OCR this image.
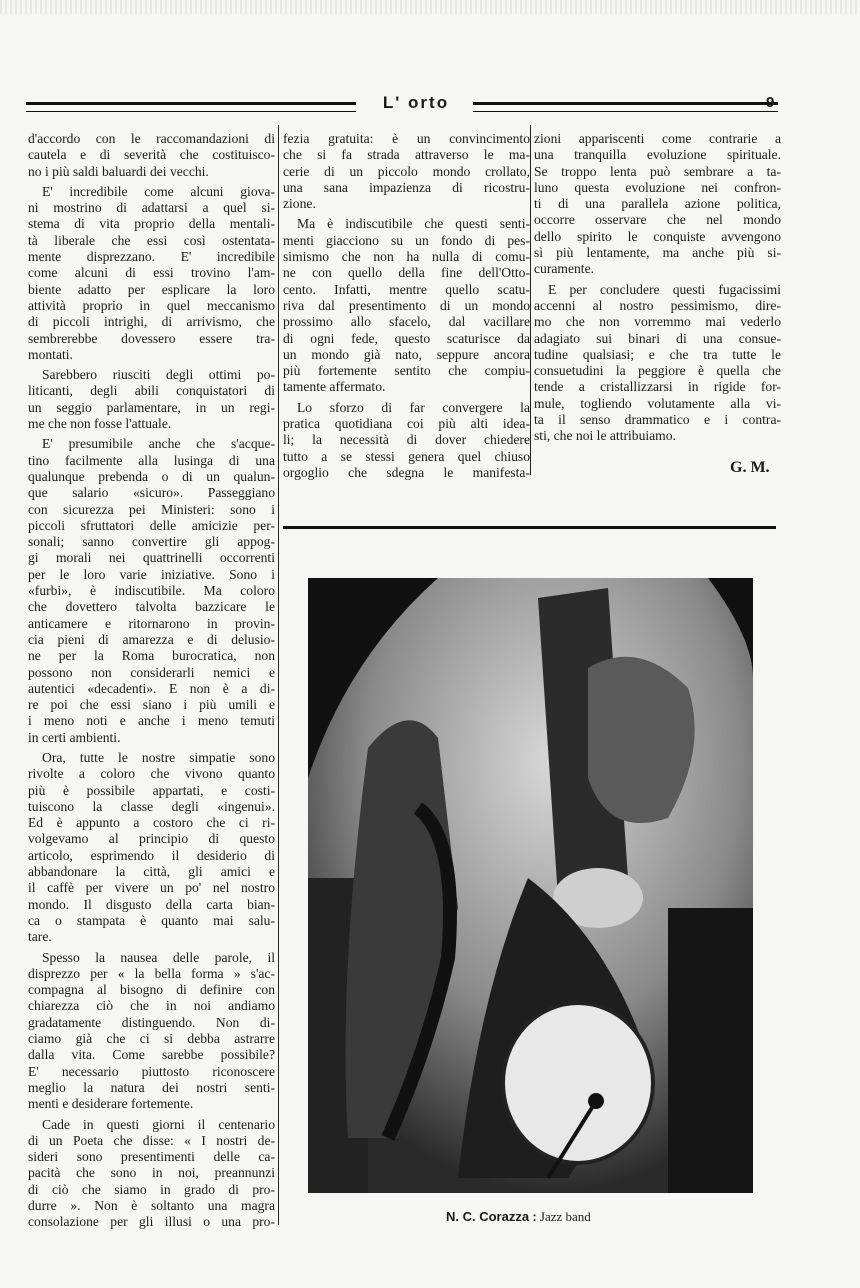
L' orto	9
d'accordo con le raccomandazioni di
cautela e di severità che costituisco-
no i più saldi baluardi dei vecchi.
E' incredibile come alcuni giova-
ni mostrino di adattarsi a quel si-
stema di vita proprio della mentali-
tà liberale che essi così ostentata-
mente disprezzano. E' incredibile
come alcuni di essi trovino l'am-
biente adatto per esplicare la loro
attività proprio in quel meccanismo
di piccoli intrighi, di arrivismo, che
sembrerebbe dovessero essere tra-
montati.
Sarebbero riusciti degli ottimi po-
liticanti, degli abili conquistatori di
un seggio parlamentare, in un regi-
me che non fosse l'attuale.
E' presumibile anche che s'acque-
tino facilmente alla lusinga di una
qualunque prebenda o di un qualun-
que salario «sicuro». Passeggiano
con sicurezza pei Ministeri: sono i
piccoli sfruttatori delle amicizie per-
sonali; sanno convertire gli appog-
gi morali nei quattrinelli occorrenti
per le loro varie iniziative. Sono i
«furbi», è indiscutibile. Ma coloro
che dovettero talvolta bazzicare le
anticamere e ritornarono in provin-
cia pieni di amarezza e di delusio-
ne per la Roma burocratica, non
possono non considerarli nemici e
autentici «decadenti». E non è a di-
re poi che essi siano i più umili e
i meno noti e anche i meno temuti
in certi ambienti.
Ora, tutte le nostre simpatie sono
rivolte a coloro che vivono quanto
più è possibile appartati, e costi-
tuiscono la classe degli «ingenui».
Ed è appunto a costoro che ci ri-
volgevamo al principio di questo
articolo, esprimendo il desiderio di
abbandonare la città, gli amici e
il caffè per vivere un po' nel nostro
mondo. Il disgusto della carta bian-
ca o stampata è quanto mai salu-
tare.
Spesso la nausea delle parole, il
disprezzo per « la bella forma » s'ac-
compagna al bisogno di definire con
chiarezza ciò che in noi andiamo
gradatamente distinguendo. Non di-
ciamo già che ci si debba astrarre
dalla vita. Come sarebbe possibile?
E' necessario piuttosto riconoscere
meglio la natura dei nostri senti-
menti e desiderare fortemente.
Cade in questi giorni il centenario
di un Poeta che disse: « I nostri de-
sideri sono presentimenti delle ca-
pacità che sono in noi, preannunzi
di ciò che siamo in grado di pro-
durre ». Non è soltanto una magra
consolazione per gli illusi o una pro-
fezia gratuita: è un convincimento
che si fa strada attraverso le ma-
cerie di un piccolo mondo crollato,
una sana impazienza di ricostru-
zione.
Ma è indiscutibile che questi senti-
menti giacciono su un fondo di pes-
simismo che non ha nulla di comu-
ne con quello della fine dell'Otto-
cento. Infatti, mentre quello scatu-
riva dal presentimento di un mondo
prossimo allo sfacelo, dal vacillare
di ogni fede, questo scaturisce da
un mondo già nato, seppure ancora
più fortemente sentito che compiu-
tamente affermato.
Lo sforzo di far convergere la
pratica quotidiana coi più alti idea-
li; la necessità di dover chiedere
tutto a se stessi genera quel chiuso
orgoglio che sdegna le manifesta-
zioni appariscenti come contrarie a
una tranquilla evoluzione spirituale.
Se troppo lenta può sembrare a ta-
luno questa evoluzione nei confron-
ti di una parallela azione politica,
occorre osservare che nel mondo
dello spirito le conquiste avvengono
sì più lentamente, ma anche più si-
curamente.
E per concludere questi fugacissimi
accenni al nostro pessimismo, dire-
mo che non vorremmo mai vederlo
adagiato sui binari di una consue-
tudine qualsiasi; e che tra tutte le
consuetudini la peggiore è quella che
tende a cristallizzarsi in rigide for-
mule, togliendo volutamente alla vi-
ta il senso drammatico e i contra-
sti, che noi le attribuiamo.
G. M.
N. C. Corazza : Jazz band
